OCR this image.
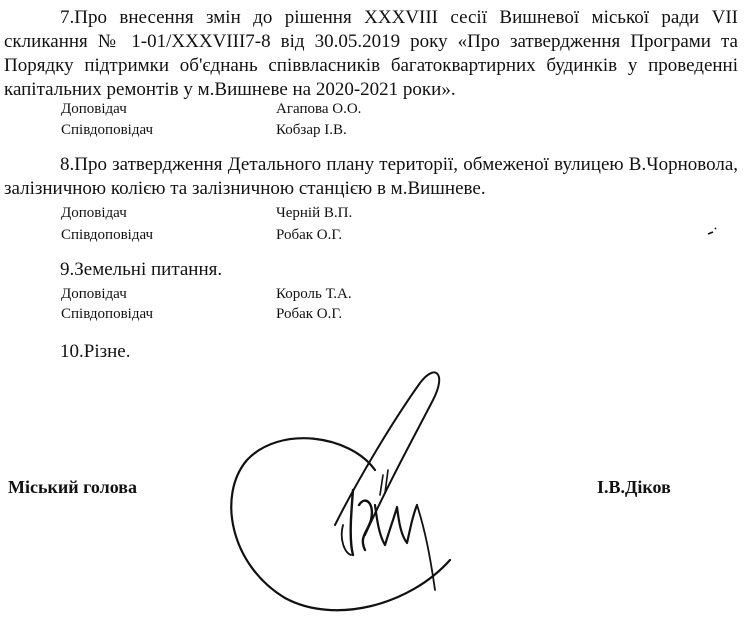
7.Про внесення змін до рішення XXXVIII сесії Вишневої міської ради VII скликання № 1-01/XXXVIII7-8 від 30.05.2019 року «Про затвердження Програми та Порядку підтримки об'єднань співвласників багатоквартирних будинків у проведенні капітальних ремонтів у м.Вишневе на 2020-2021 роки».

Доповідач	Агапова О.О.
Співдоповідач	Кобзар І.В.

8.Про затвердження Детального плану території, обмеженої вулицею В.Чорновола, залізничною колією та залізничною станцією в м.Вишневе.

Доповідач	Черній В.П.
Співдоповідач	Робак О.Г.
9.Земельні питання.
Доповідач	Король Т.А.
Співдоповідач	Робак О.Г.
10.Різне.
Міський голова	І.В.Діков
